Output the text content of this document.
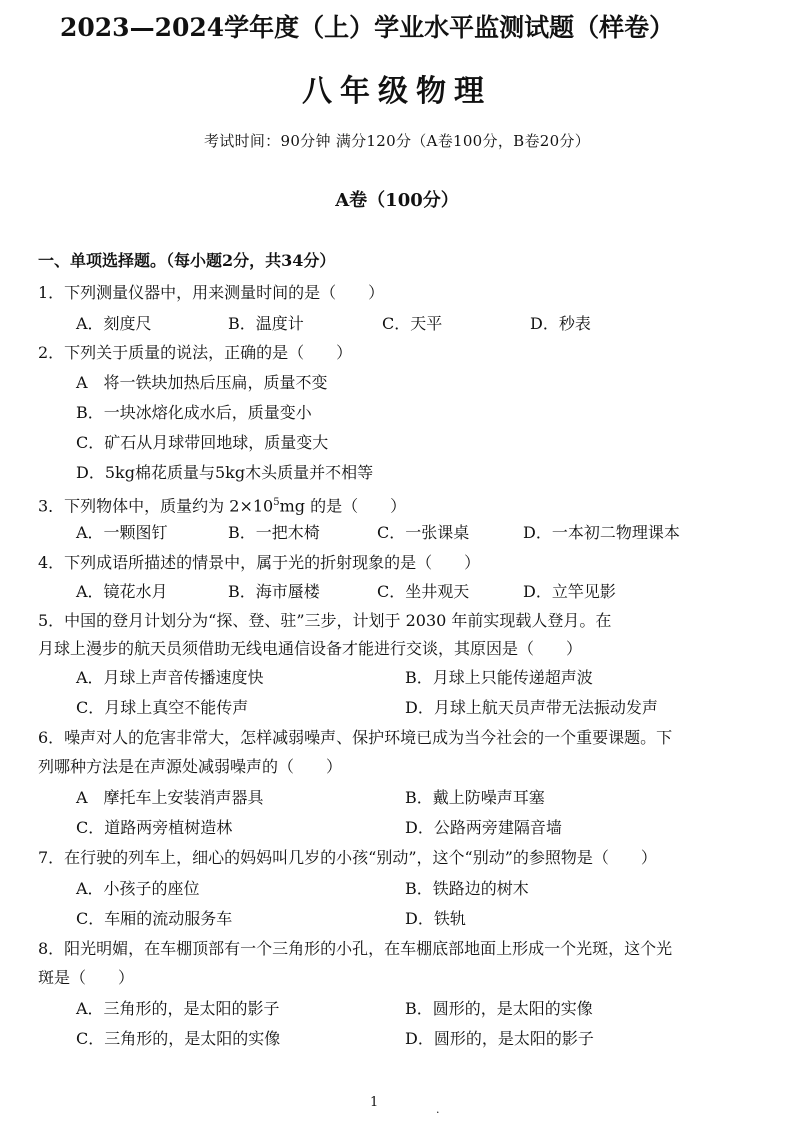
2023—2024学年度（上）学业水平监测试题（样卷）
八年级物理
考试时间：90分钟 满分120分（A卷100分，B卷20分）
A卷（100分）
一、单项选择题。（每小题2分，共34分）
1．下列测量仪器中，用来测量时间的是（　　）
A．刻度尺	B．温度计	C．天平	D．秒表
2．下列关于质量的说法，正确的是（　　）
A　将一铁块加热后压扁，质量不变
B．一块冰熔化成水后，质量变小
C．矿石从月球带回地球，质量变大
D．5kg棉花质量与5kg木头质量并不相等
3．下列物体中，质量约为 $2\times 10^5mg$ 的是（　　）
A．一颗图钉	B．一把木椅	C．一张课桌	D．一本初二物理课本
4．下列成语所描述的情景中，属于光的折射现象的是（　　）
A．镜花水月	B．海市蜃楼	C．坐井观天	D．立竿见影
5．中国的登月计划分为“探、登、驻”三步，计划于 2030 年前实现载人登月。在
月球上漫步的航天员须借助无线电通信设备才能进行交谈，其原因是（　　）
A．月球上声音传播速度快	B．月球上只能传递超声波
C．月球上真空不能传声	D．月球上航天员声带无法振动发声
6．噪声对人的危害非常大，怎样减弱噪声、保护环境已成为当今社会的一个重要课题。下
列哪种方法是在声源处减弱噪声的（　　）
A　摩托车上安装消声器具	B．戴上防噪声耳塞
C．道路两旁植树造林	D．公路两旁建隔音墙
7．在行驶的列车上，细心的妈妈叫几岁的小孩“别动”，这个“别动”的参照物是（　　）
A．小孩子的座位	B．铁路边的树木
C．车厢的流动服务车	D．铁轨
8．阳光明媚，在车棚顶部有一个三角形的小孔，在车棚底部地面上形成一个光斑，这个光
斑是（　　）
A．三角形的，是太阳的影子	B．圆形的，是太阳的实像
C．三角形的，是太阳的实像	D．圆形的，是太阳的影子
1	.
